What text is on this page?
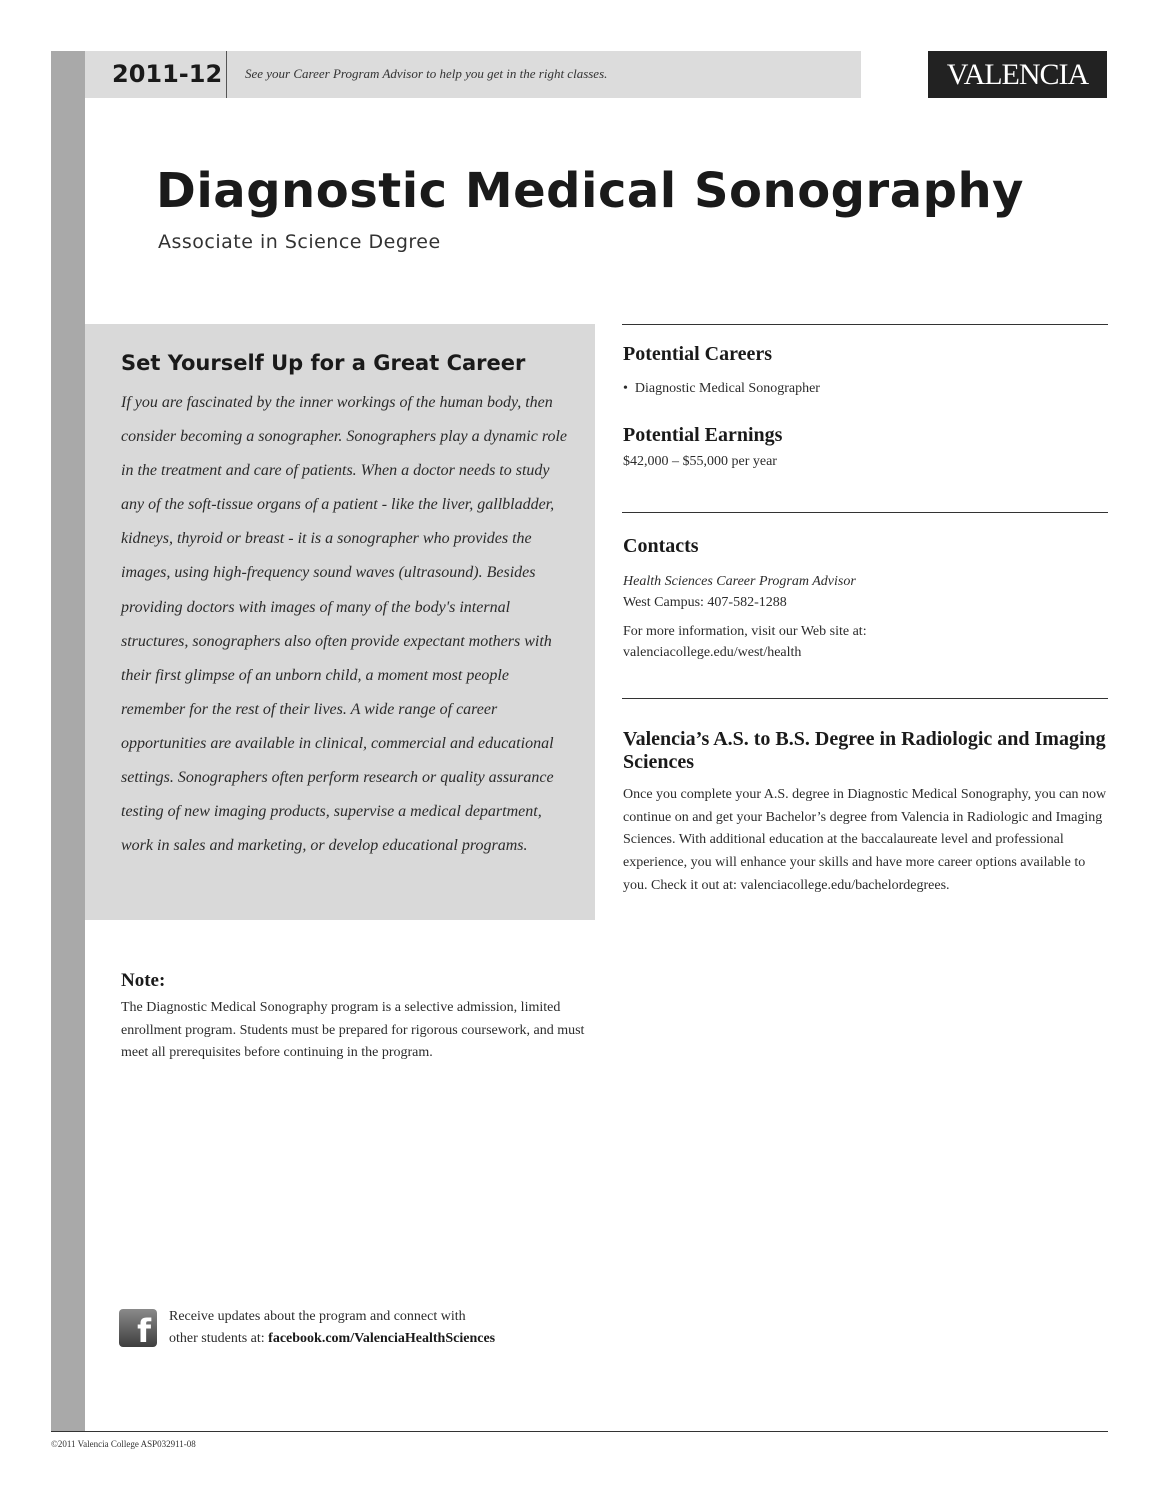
2011-12 See your Career Program Advisor to help you get in the right classes.	VALENCIA
Diagnostic Medical Sonography
Associate in Science Degree
Set Yourself Up for a Great Career

If you are fascinated by the inner workings of the human body, then consider becoming a sonographer. Sonographers play a dynamic role in the treatment and care of patients. When a doctor needs to study any of the soft-tissue organs of a patient - like the liver, gallbladder, kidneys, thyroid or breast - it is a sonographer who provides the images, using high-frequency sound waves (ultrasound). Besides providing doctors with images of many of the body's internal structures, sonographers also often provide expectant mothers with their first glimpse of an unborn child, a moment most people remember for the rest of their lives. A wide range of career opportunities are available in clinical, commercial and educational settings. Sonographers often perform research or quality assurance testing of new imaging products, supervise a medical department, work in sales and marketing, or develop educational programs.

Note:

The Diagnostic Medical Sonography program is a selective admission, limited enrollment program. Students must be prepared for rigorous coursework, and must meet all prerequisites before continuing in the program.

Potential Careers
•  Diagnostic Medical Sonographer
Potential Earnings
$42,000 – $55,000 per year
Contacts
Health Sciences Career Program Advisor
West Campus: 407-582-1288
For more information, visit our Web site at:
valenciacollege.edu/west/health
Valencia’s A.S. to B.S. Degree in Radiologic and Imaging Sciences

Once you complete your A.S. degree in Diagnostic Medical Sonography, you can now continue on and get your Bachelor’s degree from Valencia in Radiologic and Imaging Sciences. With additional education at the baccalaureate level and professional experience, you will enhance your skills and have more career options available to you. Check it out at: valenciacollege.edu/bachelordegrees.

f	Receive updates about the program and connect with
other students at: facebook.com/ValenciaHealthSciences
©2011 Valencia College ASP032911-08
